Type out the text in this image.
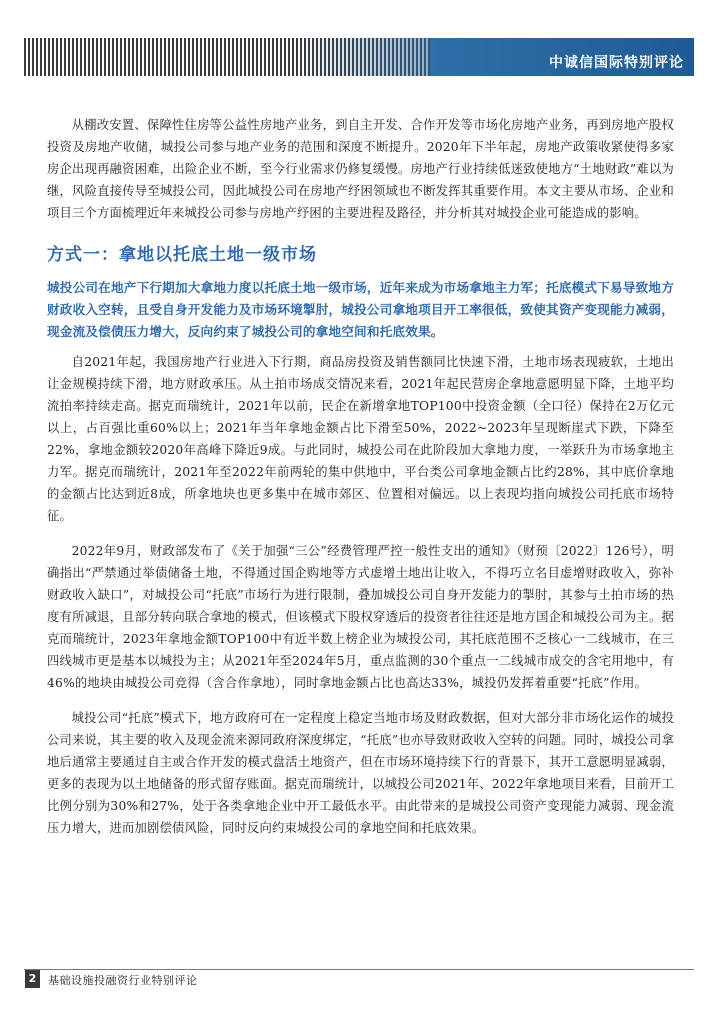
中诚信国际特别评论

从棚改安置、保障性住房等公益性房地产业务，到自主开发、合作开发等市场化房地产业务，再到房地产股权投资及房地产收储，城投公司参与地产业务的范围和深度不断提升。2020年下半年起，房地产政策收紧使得多家房企出现再融资困难，出险企业不断，至今行业需求仍修复缓慢。房地产行业持续低迷致使地方“土地财政”难以为继，风险直接传导至城投公司，因此城投公司在房地产纾困领域也不断发挥其重要作用。本文主要从市场、企业和项目三个方面梳理近年来城投公司参与房地产纾困的主要进程及路径，并分析其对城投企业可能造成的影响。

方式一：拿地以托底土地一级市场

城投公司在地产下行期加大拿地力度以托底土地一级市场，近年来成为市场拿地主力军；托底模式下易导致地方财政收入空转，且受自身开发能力及市场环境掣肘，城投公司拿地项目开工率很低，致使其资产变现能力减弱，现金流及偿债压力增大，反向约束了城投公司的拿地空间和托底效果。

自2021年起，我国房地产行业进入下行期，商品房投资及销售额同比快速下滑，土地市场表现疲软，土地出让金规模持续下滑，地方财政承压。从土拍市场成交情况来看，2021年起民营房企拿地意愿明显下降，土地平均流拍率持续走高。据克而瑞统计，2021年以前，民企在新增拿地TOP100中投资金额（全口径）保持在2万亿元以上，占百强比重60%以上；2021年当年拿地金额占比下滑至50%，2022~2023年呈现断崖式下跌，下降至22%，拿地金额较2020年高峰下降近9成。与此同时，城投公司在此阶段加大拿地力度，一举跃升为市场拿地主力军。据克而瑞统计，2021年至2022年前两轮的集中供地中，平台类公司拿地金额占比约28%，其中底价拿地的金额占比达到近8成，所拿地块也更多集中在城市郊区、位置相对偏远。以上表现均指向城投公司托底市场特征。

2022年9月，财政部发布了《关于加强“三公”经费管理严控一般性支出的通知》（财预〔2022〕126号），明确指出“严禁通过举债储备土地，不得通过国企购地等方式虚增土地出让收入，不得巧立名目虚增财政收入，弥补财政收入缺口”，对城投公司“托底”市场行为进行限制，叠加城投公司自身开发能力的掣肘，其参与土拍市场的热度有所减退，且部分转向联合拿地的模式，但该模式下股权穿透后的投资者往往还是地方国企和城投公司为主。据克而瑞统计，2023年拿地金额TOP100中有近半数上榜企业为城投公司，其托底范围不乏核心一二线城市，在三四线城市更是基本以城投为主；从2021年至2024年5月，重点监测的30个重点一二线城市成交的含宅用地中，有46%的地块由城投公司竞得（含合作拿地），同时拿地金额占比也高达33%，城投仍发挥着重要“托底”作用。

城投公司“托底”模式下，地方政府可在一定程度上稳定当地市场及财政数据，但对大部分非市场化运作的城投公司来说，其主要的收入及现金流来源同政府深度绑定，“托底”也亦导致财政收入空转的问题。同时，城投公司拿地后通常主要通过自主或合作开发的模式盘活土地资产，但在市场环境持续下行的背景下，其开工意愿明显减弱，更多的表现为以土地储备的形式留存账面。据克而瑞统计，以城投公司2021年、2022年拿地项目来看，目前开工比例分别为30%和27%，处于各类拿地企业中开工最低水平。由此带来的是城投公司资产变现能力减弱、现金流压力增大，进而加剧偿债风险，同时反向约束城投公司的拿地空间和托底效果。

2	基础设施投融资行业特别评论
